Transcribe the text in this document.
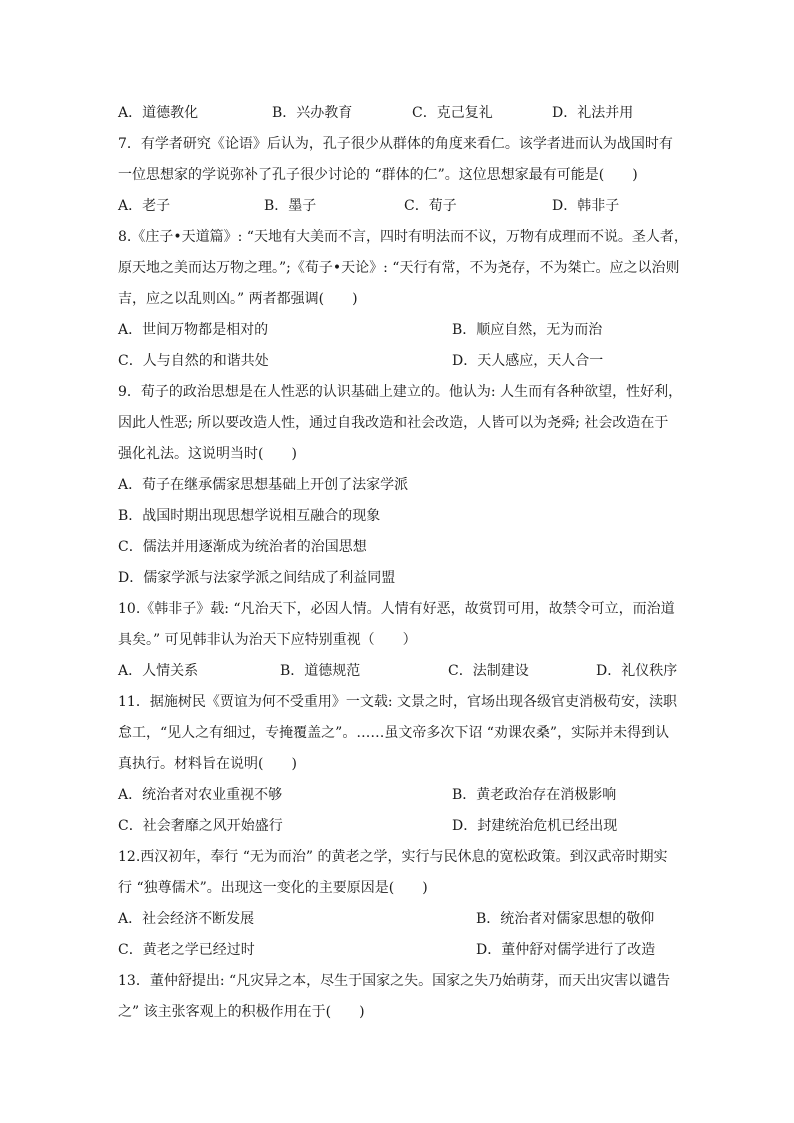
A．道德教化	B．兴办教育	C．克己复礼	D．礼法并用
7．有学者研究《论语》后认为，孔子很少从群体的角度来看仁。该学者进而认为战国时有
一位思想家的学说弥补了孔子很少讨论的 “群体的仁”。这位思想家最有可能是(　　)
A．老子	B．墨子	C．荀子	D．韩非子
8.《庄子•天道篇》: “天地有大美而不言，四时有明法而不议，万物有成理而不说。圣人者，
原天地之美而达万物之理。”;《荀子•天论》: “天行有常，不为尧存，不为桀亡。应之以治则
吉，应之以乱则凶。” 两者都强调(　　)
A．世间万物都是相对的	B．顺应自然，无为而治
C．人与自然的和谐共处	D．天人感应，天人合一
9．荀子的政治思想是在人性恶的认识基础上建立的。他认为: 人生而有各种欲望，性好利，
因此人性恶; 所以要改造人性，通过自我改造和社会改造，人皆可以为尧舜; 社会改造在于
强化礼法。这说明当时(　　)
A．荀子在继承儒家思想基础上开创了法家学派
B．战国时期出现思想学说相互融合的现象
C．儒法并用逐渐成为统治者的治国思想
D．儒家学派与法家学派之间结成了利益同盟
10.《韩非子》载: “凡治天下，必因人情。人情有好恶，故赏罚可用，故禁令可立，而治道
具矣。” 可见韩非认为治天下应特别重视（　　）
A．人情关系	B．道德规范	C．法制建设	D．礼仪秩序
11．据施树民《贾谊为何不受重用》一文载: 文景之时，官场出现各级官吏消极苟安，渎职
怠工，“见人之有细过，专掩覆盖之”。……虽文帝多次下诏 “劝课农桑”，实际并未得到认
真执行。材料旨在说明(　　)
A．统治者对农业重视不够	B．黄老政治存在消极影响
C．社会奢靡之风开始盛行	D．封建统治危机已经出现
12.西汉初年，奉行 “无为而治” 的黄老之学，实行与民休息的宽松政策。到汉武帝时期实
行 “独尊儒术”。出现这一变化的主要原因是(　　)
A．社会经济不断发展	B．统治者对儒家思想的敬仰
C．黄老之学已经过时	D．董仲舒对儒学进行了改造
13．董仲舒提出: “凡灾异之本，尽生于国家之失。国家之失乃始萌芽，而天出灾害以谴告
之” 该主张客观上的积极作用在于(　　)
